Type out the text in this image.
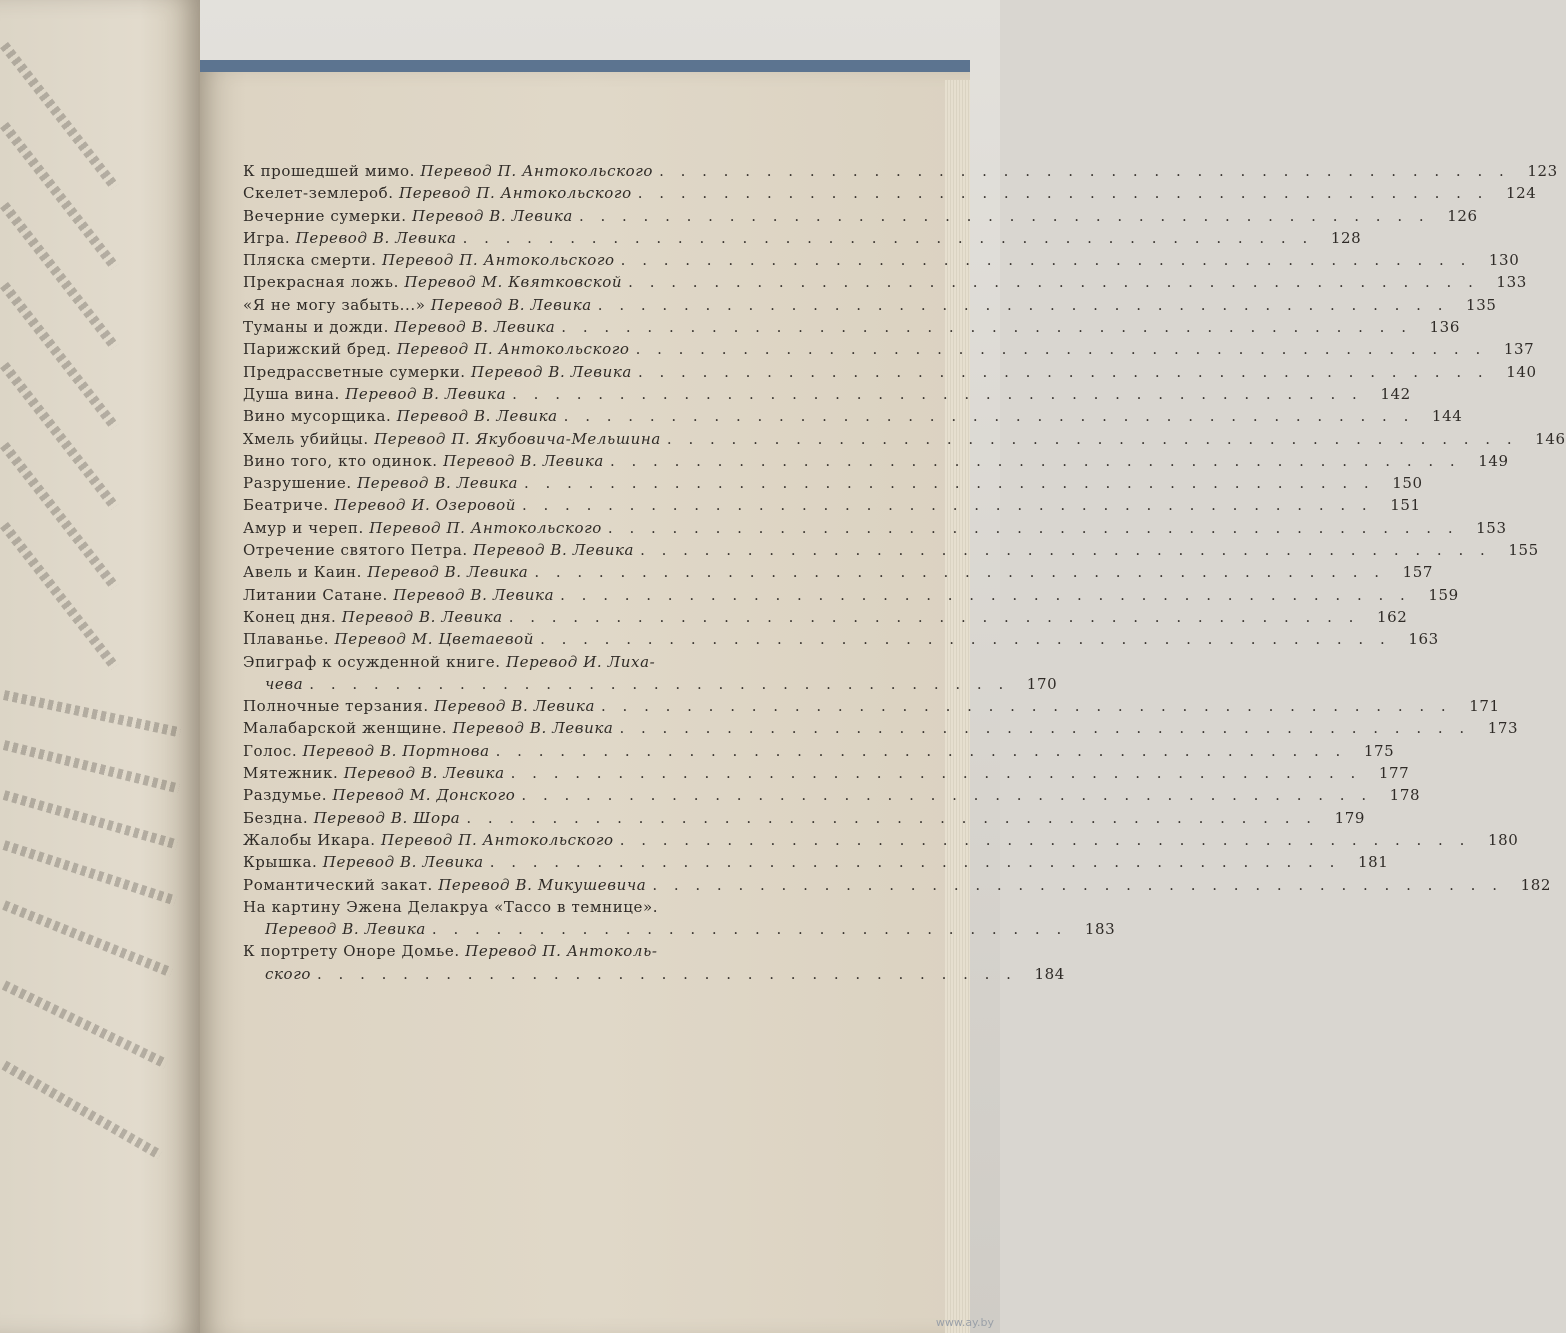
К прошедшей мимо. Перевод П. Антокольского . . . . . . . . . . . . . . . . . . . . . . . . . . . . . . . . . . . . . . . .	123
Скелет-землероб. Перевод П. Антокольского . . . . . . . . . . . . . . . . . . . . . . . . . . . . . . . . . . . . . . . .	124
Вечерние сумерки. Перевод В. Левика . . . . . . . . . . . . . . . . . . . . . . . . . . . . . . . . . . . . . . . .	126
Игра. Перевод В. Левика . . . . . . . . . . . . . . . . . . . . . . . . . . . . . . . . . . . . . . . .	128
Пляска смерти. Перевод П. Антокольского . . . . . . . . . . . . . . . . . . . . . . . . . . . . . . . . . . . . . . . .	130
Прекрасная ложь. Перевод М. Квятковской . . . . . . . . . . . . . . . . . . . . . . . . . . . . . . . . . . . . . . . .	133
«Я не могу забыть...» Перевод В. Левика . . . . . . . . . . . . . . . . . . . . . . . . . . . . . . . . . . . . . . . .	135
Туманы и дожди. Перевод В. Левика . . . . . . . . . . . . . . . . . . . . . . . . . . . . . . . . . . . . . . . .	136
Парижский бред. Перевод П. Антокольского . . . . . . . . . . . . . . . . . . . . . . . . . . . . . . . . . . . . . . . .	137
Предрассветные сумерки. Перевод В. Левика . . . . . . . . . . . . . . . . . . . . . . . . . . . . . . . . . . . . . . . .	140
Душа вина. Перевод В. Левика . . . . . . . . . . . . . . . . . . . . . . . . . . . . . . . . . . . . . . . .	142
Вино мусорщика. Перевод В. Левика . . . . . . . . . . . . . . . . . . . . . . . . . . . . . . . . . . . . . . . .	144
Хмель убийцы. Перевод П. Якубовича-Мельшина . . . . . . . . . . . . . . . . . . . . . . . . . . . . . . . . . . . . . . . .	146
Вино того, кто одинок. Перевод В. Левика . . . . . . . . . . . . . . . . . . . . . . . . . . . . . . . . . . . . . . . .	149
Разрушение. Перевод В. Левика . . . . . . . . . . . . . . . . . . . . . . . . . . . . . . . . . . . . . . . .	150
Беатриче. Перевод И. Озеровой . . . . . . . . . . . . . . . . . . . . . . . . . . . . . . . . . . . . . . . .	151
Амур и череп. Перевод П. Антокольского . . . . . . . . . . . . . . . . . . . . . . . . . . . . . . . . . . . . . . . .	153
Отречение святого Петра. Перевод В. Левика . . . . . . . . . . . . . . . . . . . . . . . . . . . . . . . . . . . . . . . .	155
Авель и Каин. Перевод В. Левика . . . . . . . . . . . . . . . . . . . . . . . . . . . . . . . . . . . . . . . .	157
Литании Сатане. Перевод В. Левика . . . . . . . . . . . . . . . . . . . . . . . . . . . . . . . . . . . . . . . .	159
Конец дня. Перевод В. Левика . . . . . . . . . . . . . . . . . . . . . . . . . . . . . . . . . . . . . . . .	162
Плаванье. Перевод М. Цветаевой . . . . . . . . . . . . . . . . . . . . . . . . . . . . . . . . . . . . . . . .	163
Эпиграф к осужденной книге. Перевод И. Лиха-
чева . . . . . . . . . . . . . . . . . . . . . . . . . . . . . . . . .	170
Полночные терзания. Перевод В. Левика . . . . . . . . . . . . . . . . . . . . . . . . . . . . . . . . . . . . . . . .	171
Малабарской женщине. Перевод В. Левика . . . . . . . . . . . . . . . . . . . . . . . . . . . . . . . . . . . . . . . .	173
Голос. Перевод В. Портнова . . . . . . . . . . . . . . . . . . . . . . . . . . . . . . . . . . . . . . . .	175
Мятежник. Перевод В. Левика . . . . . . . . . . . . . . . . . . . . . . . . . . . . . . . . . . . . . . . .	177
Раздумье. Перевод М. Донского . . . . . . . . . . . . . . . . . . . . . . . . . . . . . . . . . . . . . . . .	178
Бездна. Перевод В. Шора . . . . . . . . . . . . . . . . . . . . . . . . . . . . . . . . . . . . . . . .	179
Жалобы Икара. Перевод П. Антокольского . . . . . . . . . . . . . . . . . . . . . . . . . . . . . . . . . . . . . . . .	180
Крышка. Перевод В. Левика . . . . . . . . . . . . . . . . . . . . . . . . . . . . . . . . . . . . . . . .	181
Романтический закат. Перевод В. Микушевича . . . . . . . . . . . . . . . . . . . . . . . . . . . . . . . . . . . . . . . .	182
На картину Эжена Делакруа «Тассо в темнице».
Перевод В. Левика . . . . . . . . . . . . . . . . . . . . . . . . . . . . . .	183
К портрету Оноре Домье. Перевод П. Антоколь-
ского . . . . . . . . . . . . . . . . . . . . . . . . . . . . . . . . .	184
www.ay.by
